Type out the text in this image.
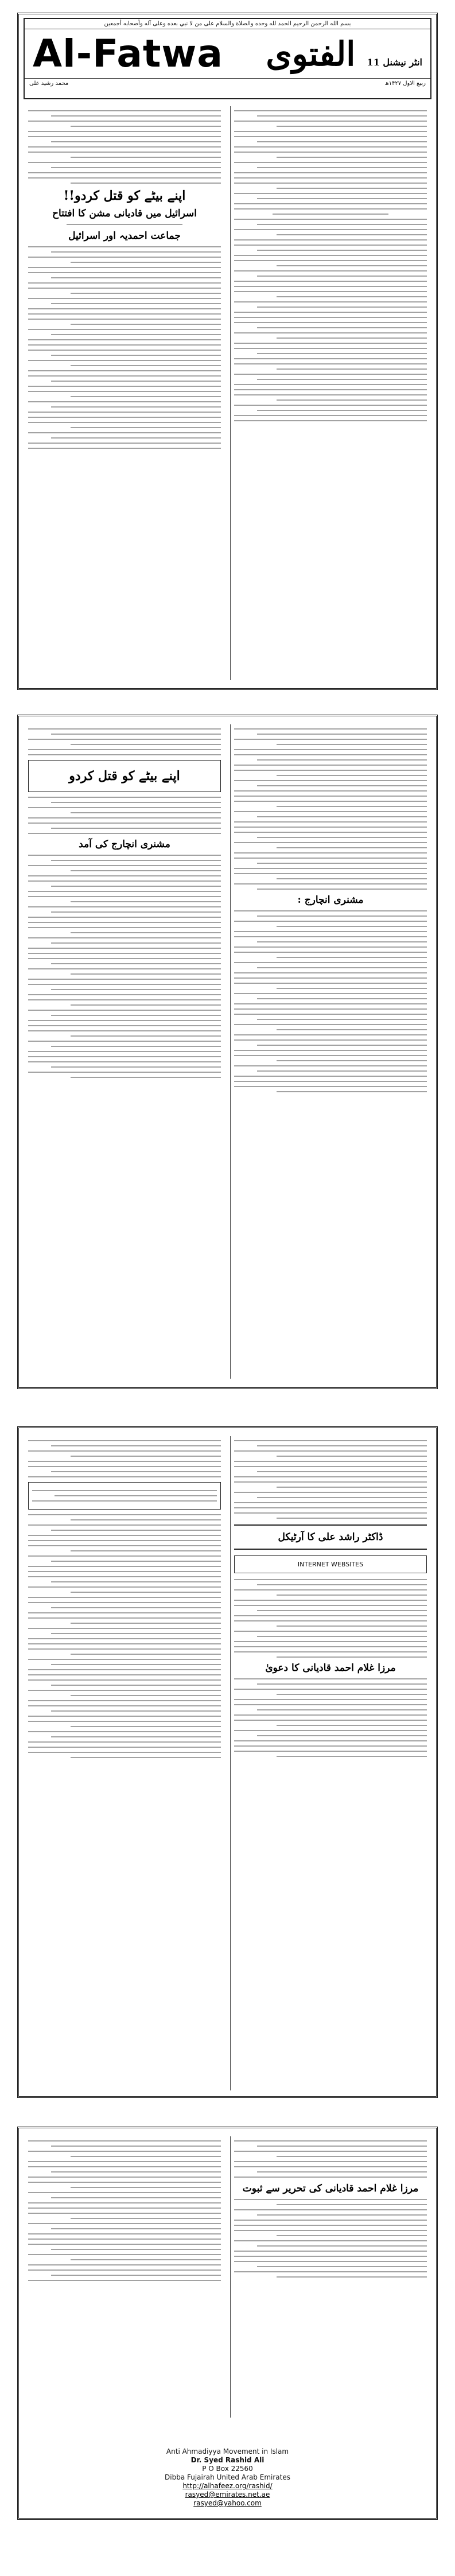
بسم الله الرحمن الرحيم الحمد لله وحده والصلاة والسلام على من لا نبي بعده وعلى آله وأصحابه أجمعين
Al-Fatwa	انٹر نیشنل 11 الفتوى
ربیع الاول ۱۴۲۷ھ
محمد رشید علی
اپنے بیٹے کو قتل کردو!!
اسرائیل میں قادیانی مشن کا افتتاح
جماعت احمدیہ اور اسرائیل
مشنری انچارج :
اپنے بیٹے کو قتل کردو
مشنری انچارج کی آمد
ڈاکٹر راشد علی کا آرٹیکل
INTERNET WEBSITES
مرزا غلام احمد قادیانی کا دعویٰ
مرزا غلام احمد قادیانی کی تحریر سے ثبوت
Anti Ahmadiyya Movement in Islam
Dr. Syed Rashid Ali
P O Box 22560
Dibba Fujairah United Arab Emirates
http://alhafeez.org/rashid/
rasyed@emirates.net.ae
rasyed@yahoo.com
